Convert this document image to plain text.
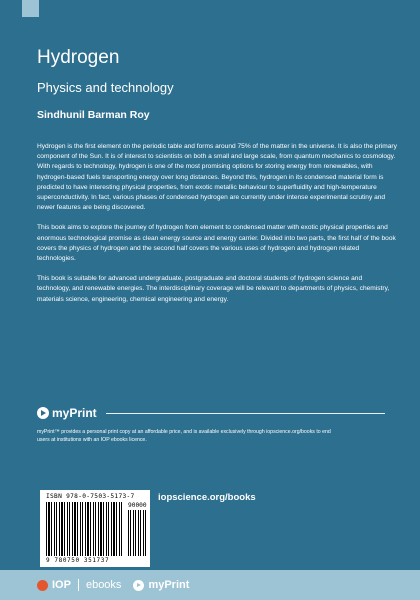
Hydrogen
Physics and technology
Sindhunil Barman Roy

Hydrogen is the first element on the periodic table and forms around 75% of the matter in the universe. It is also the primary component of the Sun. It is of interest to scientists on both a small and large scale, from quantum mechanics to cosmology. With regards to technology, hydrogen is one of the most promising options for storing energy from renewables, with hydrogen-based fuels transporting energy over long distances. Beyond this, hydrogen in its condensed material form is predicted to have interesting physical properties, from exotic metallic behaviour to superfluidity and high-temperature superconductivity. In fact, various phases of condensed hydrogen are currently under intense experimental scrutiny and newer features are being discovered.

This book aims to explore the journey of hydrogen from element to condensed matter with exotic physical properties and enormous technological promise as clean energy source and energy carrier. Divided into two parts, the first half of the book covers the physics of hydrogen and the second half covers the various uses of hydrogen and hydrogen related technologies.

This book is suitable for advanced undergraduate, postgraduate and doctoral students of hydrogen science and technology, and renewable energies. The interdisciplinary coverage will be relevant to departments of physics, chemistry, materials science, engineering, chemical engineering and energy.

myPrint
myPrint™ provides a personal print copy at an affordable price, and is available exclusively through iopscience.org/books to end users at institutions with an IOP ebooks licence.
ISBN 978-0-7503-5173-7
90000
9 780750 351737
iopscience.org/books
IOP ebooks myPrint
